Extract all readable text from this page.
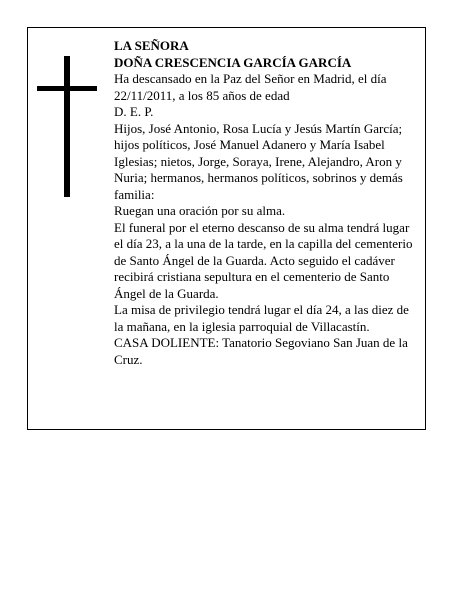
LA SEÑORA

DOÑA CRESCENCIA GARCÍA GARCÍA

Ha descansado en la Paz del Señor en Madrid, el día 22/11/2011, a los 85 años de edad

D. E. P.

Hijos, José Antonio, Rosa Lucía y Jesús Martín García; hijos políticos, José Manuel Adanero y María Isabel Iglesias; nietos, Jorge, Soraya, Irene, Alejandro, Aron y Nuria; hermanos, hermanos políticos, sobrinos y demás familia:

Ruegan una oración por su alma.

El funeral por el eterno descanso de su alma tendrá lugar el día 23, a la una de la tarde, en la capilla del cementerio de Santo Ángel de la Guarda. Acto seguido el cadáver recibirá cristiana sepultura en el cementerio de Santo Ángel de la Guarda.

La misa de privilegio tendrá lugar el día 24, a las diez de la mañana, en la iglesia parroquial de Villacastín.

CASA DOLIENTE: Tanatorio Segoviano San Juan de la Cruz.
